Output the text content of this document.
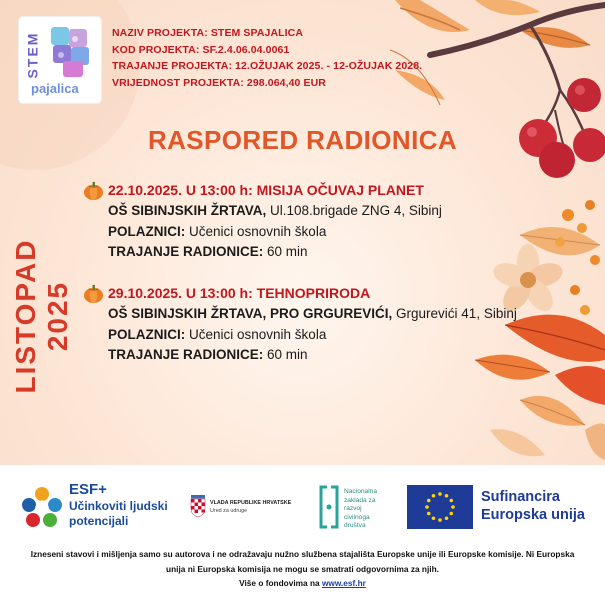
STEM
pajalica
NAZIV PROJEKTA: STEM SPAJALICA
KOD PROJEKTA: SF.2.4.06.04.0061
TRAJANJE PROJEKTA: 12.OŽUJAK 2025. - 12-OŽUJAK 2028.
VRIJEDNOST PROJEKTA: 298.064,40 EUR
RASPORED RADIONICA
LISTOPAD 2025
22.10.2025. U 13:00 h: MISIJA OČUVAJ PLANET
OŠ SIBINJSKIH ŽRTAVA, Ul.108.brigade ZNG 4, Sibinj
POLAZNICI: Učenici osnovnih škola
TRAJANJE RADIONICE: 60 min
29.10.2025. U 13:00 h: TEHNOPRIRODA
OŠ SIBINJSKIH ŽRTAVA, PRO GRGUREVIĆI, Grgurevići 41, Sibinj
POLAZNICI: Učenici osnovnih škola
TRAJANJE RADIONICE: 60 min
ESF+
Učinkoviti ljudski
potencijali
VLADA REPUBLIKE HRVATSKE
Ured za udruge
Nacionalna
zaklada za
razvoj
civilnoga
društva
Sufinancira
Europska unija
Izneseni stavovi i mišljenja samo su autorova i ne odražavaju nužno službena stajališta Europske unije ili Europske komisije. Ni Europska
unija ni Europska komisija ne mogu se smatrati odgovornima za njih.
Više o fondovima na www.esf.hr
